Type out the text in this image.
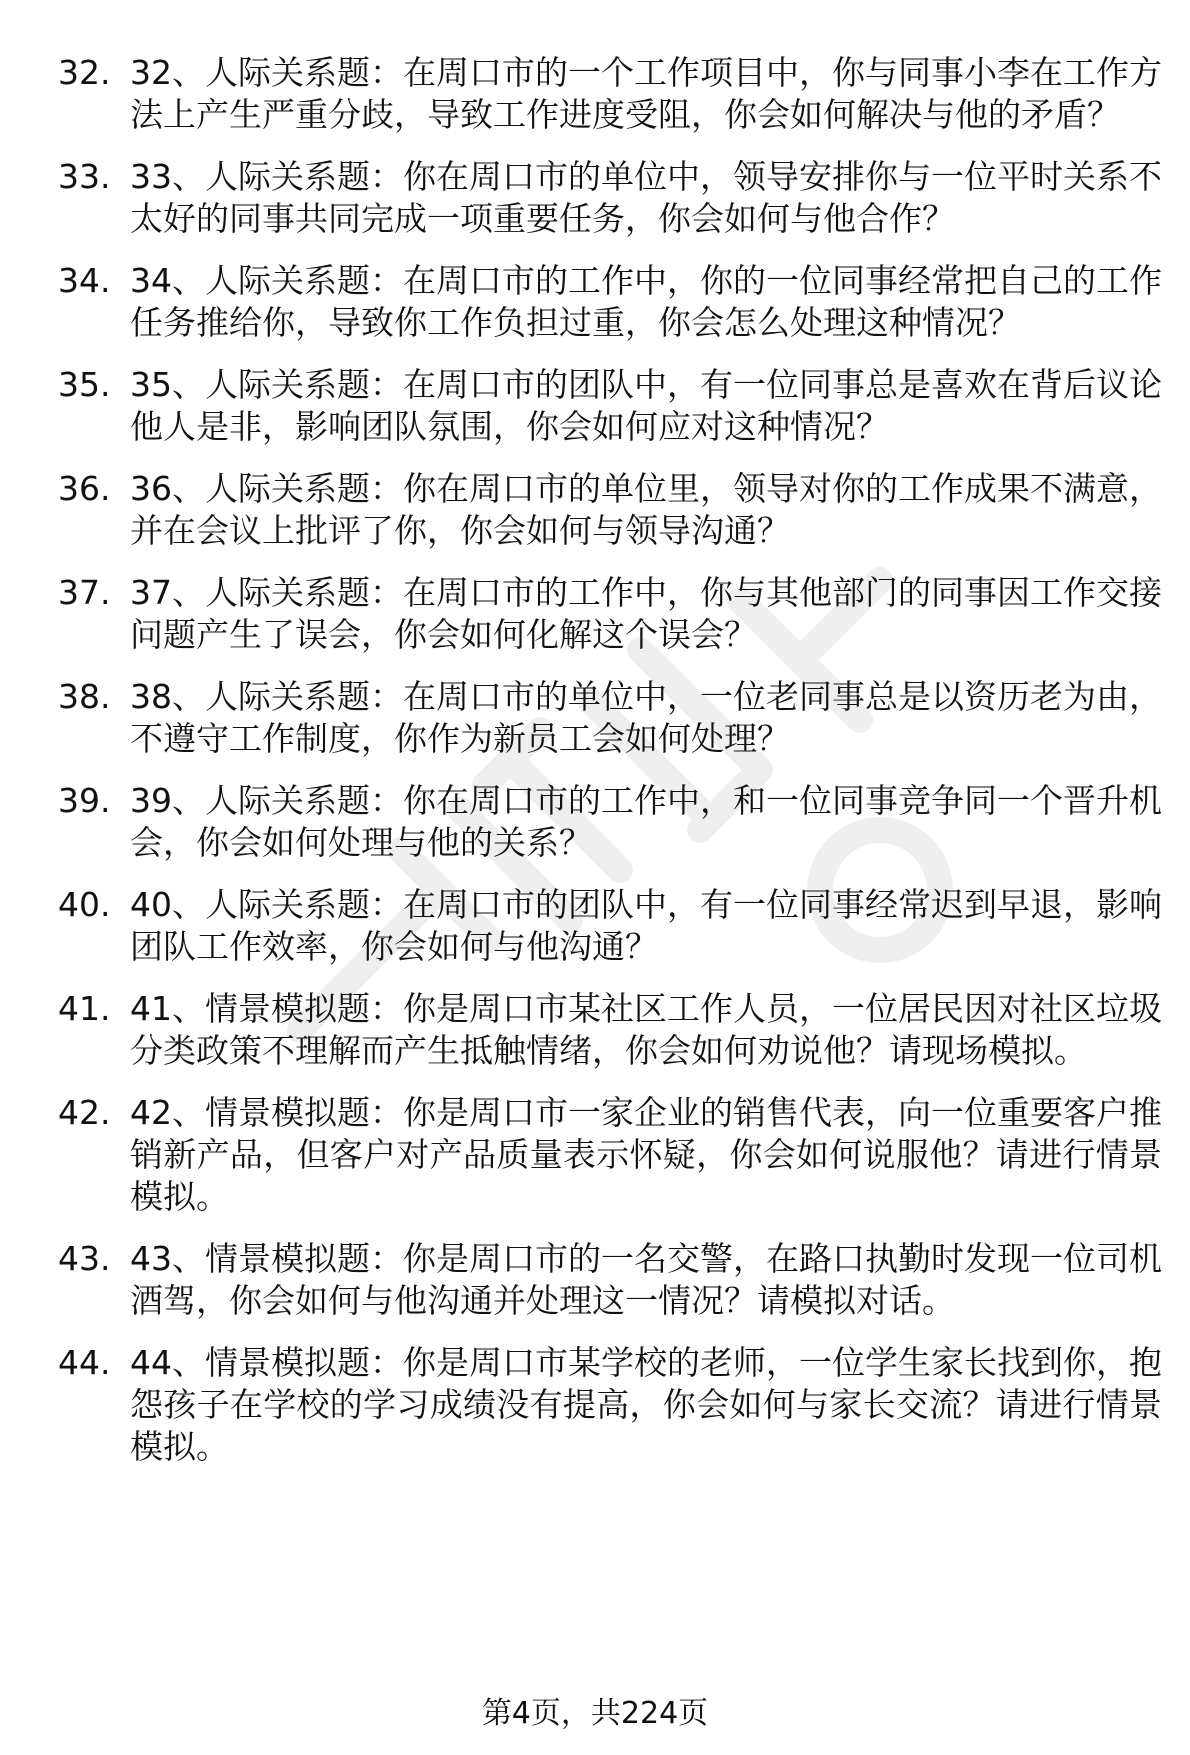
32. 32、人际关系题：在周口市的一个工作项目中，你与同事小李在工作方法上产生严重分歧，导致工作进度受阻，你会如何解决与他的矛盾？
33. 33、人际关系题：你在周口市的单位中，领导安排你与一位平时关系不太好的同事共同完成一项重要任务，你会如何与他合作？
34. 34、人际关系题：在周口市的工作中，你的一位同事经常把自己的工作任务推给你，导致你工作负担过重，你会怎么处理这种情况？
35. 35、人际关系题：在周口市的团队中，有一位同事总是喜欢在背后议论他人是非，影响团队氛围，你会如何应对这种情况？
36. 36、人际关系题：你在周口市的单位里，领导对你的工作成果不满意，并在会议上批评了你，你会如何与领导沟通？
37. 37、人际关系题：在周口市的工作中，你与其他部门的同事因工作交接问题产生了误会，你会如何化解这个误会？
38. 38、人际关系题：在周口市的单位中，一位老同事总是以资历老为由，不遵守工作制度，你作为新员工会如何处理？
39. 39、人际关系题：你在周口市的工作中，和一位同事竞争同一个晋升机会，你会如何处理与他的关系？
40. 40、人际关系题：在周口市的团队中，有一位同事经常迟到早退，影响团队工作效率，你会如何与他沟通？
41. 41、情景模拟题：你是周口市某社区工作人员，一位居民因对社区垃圾分类政策不理解而产生抵触情绪，你会如何劝说他？请现场模拟。
42. 42、情景模拟题：你是周口市一家企业的销售代表，向一位重要客户推销新产品，但客户对产品质量表示怀疑，你会如何说服他？请进行情景模拟。
43. 43、情景模拟题：你是周口市的一名交警，在路口执勤时发现一位司机酒驾，你会如何与他沟通并处理这一情况？请模拟对话。
44. 44、情景模拟题：你是周口市某学校的老师，一位学生家长找到你，抱怨孩子在学校的学习成绩没有提高，你会如何与家长交流？请进行情景模拟。
第4页，共224页
